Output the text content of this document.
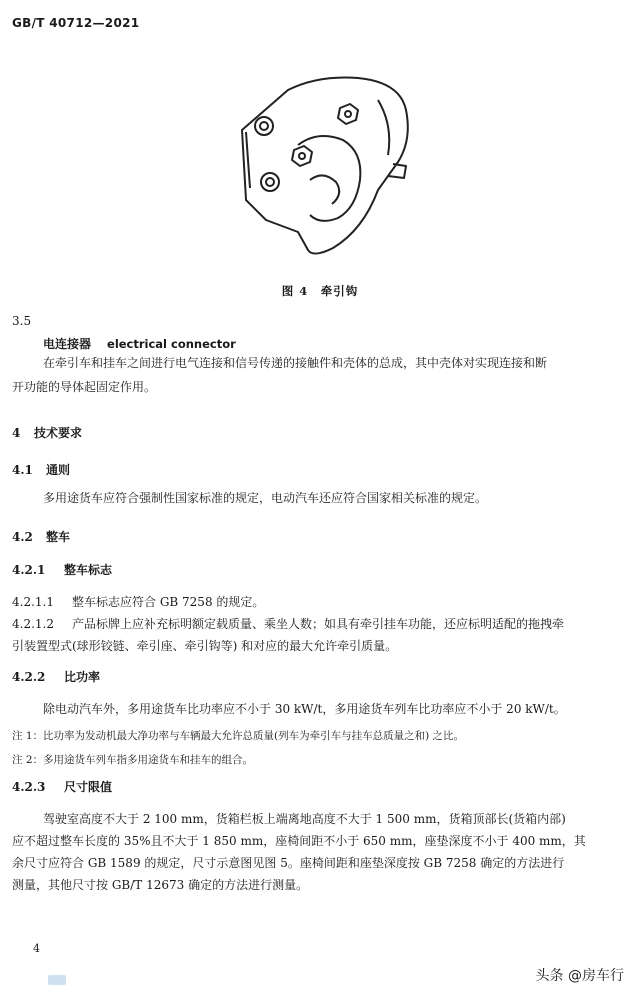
GB/T 40712—2021
图 4　牵引钩
3.5
电连接器 electrical connector
在牵引车和挂车之间进行电气连接和信号传递的接触件和壳体的总成，其中壳体对实现连接和断
开功能的导体起固定作用。
4 技术要求
4.1 通则
多用途货车应符合强制性国家标准的规定，电动汽车还应符合国家相关标准的规定。
4.2 整车
4.2.1 整车标志
4.2.1.1 整车标志应符合 GB 7258 的规定。
4.2.1.2 产品标牌上应补充标明额定载质量、乘坐人数；如具有牵引挂车功能，还应标明适配的拖拽牵
引装置型式(球形铰链、牵引座、牵引钩等) 和对应的最大允许牵引质量。
4.2.2 比功率
除电动汽车外，多用途货车比功率应不小于 30 kW/t，多用途货车列车比功率应不小于 20 kW/t。
注 1：比功率为发动机最大净功率与车辆最大允许总质量(列车为牵引车与挂车总质量之和) 之比。
注 2：多用途货车列车指多用途货车和挂车的组合。
4.2.3 尺寸限值
驾驶室高度不大于 2 100 mm，货箱栏板上端离地高度不大于 1 500 mm，货箱顶部长(货箱内部)
应不超过整车长度的 35%且不大于 1 850 mm，座椅间距不小于 650 mm，座垫深度不小于 400 mm，其
余尺寸应符合 GB 1589 的规定，尺寸示意图见图 5。座椅间距和座垫深度按 GB 7258 确定的方法进行
测量，其他尺寸按 GB/T 12673 确定的方法进行测量。
4
头条 @房车行
